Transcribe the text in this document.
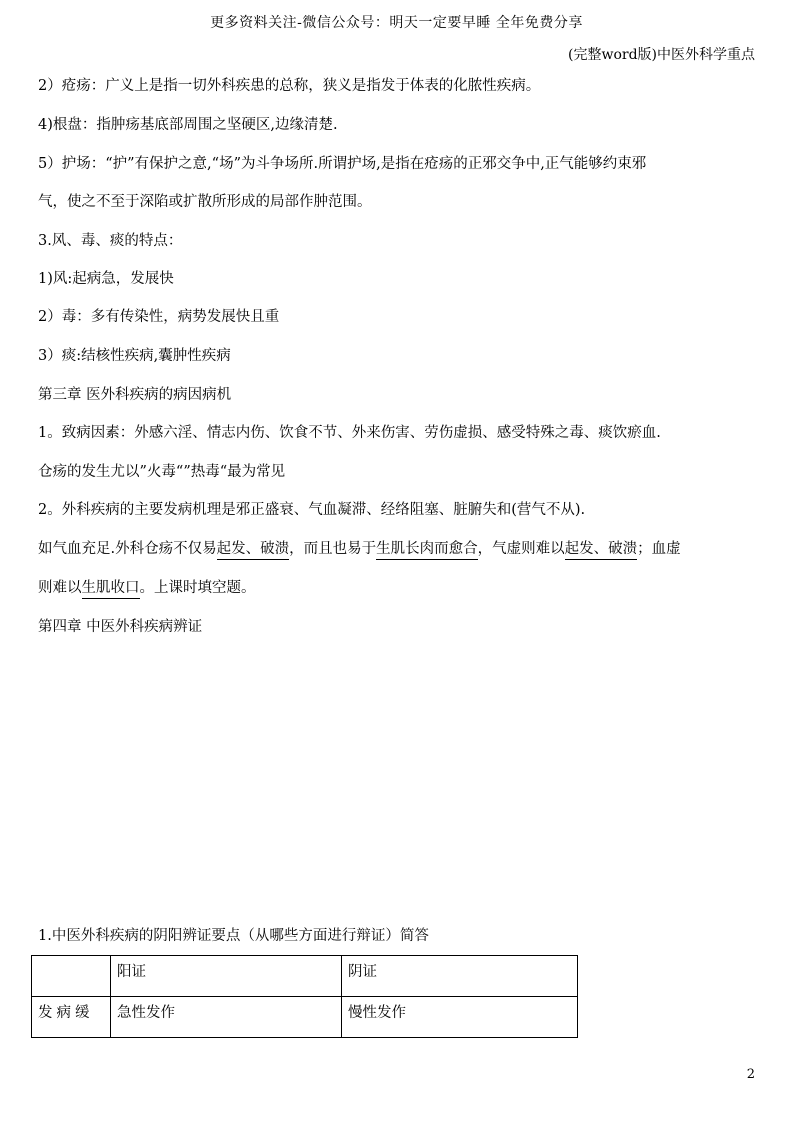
更多资料关注-微信公众号：明天一定要早睡 全年免费分享
(完整word版)中医外科学重点
2）疮疡：广义上是指一切外科疾患的总称，狭义是指发于体表的化脓性疾病。
4)根盘：指肿疡基底部周围之坚硬区,边缘清楚.
5）护场：“护”有保护之意,“场”为斗争场所.所谓护场,是指在疮疡的正邪交争中,正气能够约束邪
气，使之不至于深陷或扩散所形成的局部作肿范围。
3.风、毒、痰的特点：
1)风:起病急，发展快
2）毒：多有传染性，病势发展快且重
3）痰:结核性疾病,囊肿性疾病
第三章 医外科疾病的病因病机
1。致病因素：外感六淫、情志内伤、饮食不节、外来伤害、劳伤虚损、感受特殊之毒、痰饮瘀血.
仓疡的发生尤以”火毒“”热毒“最为常见
2。外科疾病的主要发病机理是邪正盛衰、气血凝滞、经络阻塞、脏腑失和(营气不从).
如气血充足.外科仓疡不仅易起发、破溃，而且也易于生肌长肉而愈合，气虚则难以起发、破溃；血虚
则难以生肌收口。上课时填空题。
第四章 中医外科疾病辨证
1.中医外科疾病的阴阳辨证要点（从哪些方面进行辩证）简答
	阳证	阴证
发病缓	急性发作	慢性发作
2
